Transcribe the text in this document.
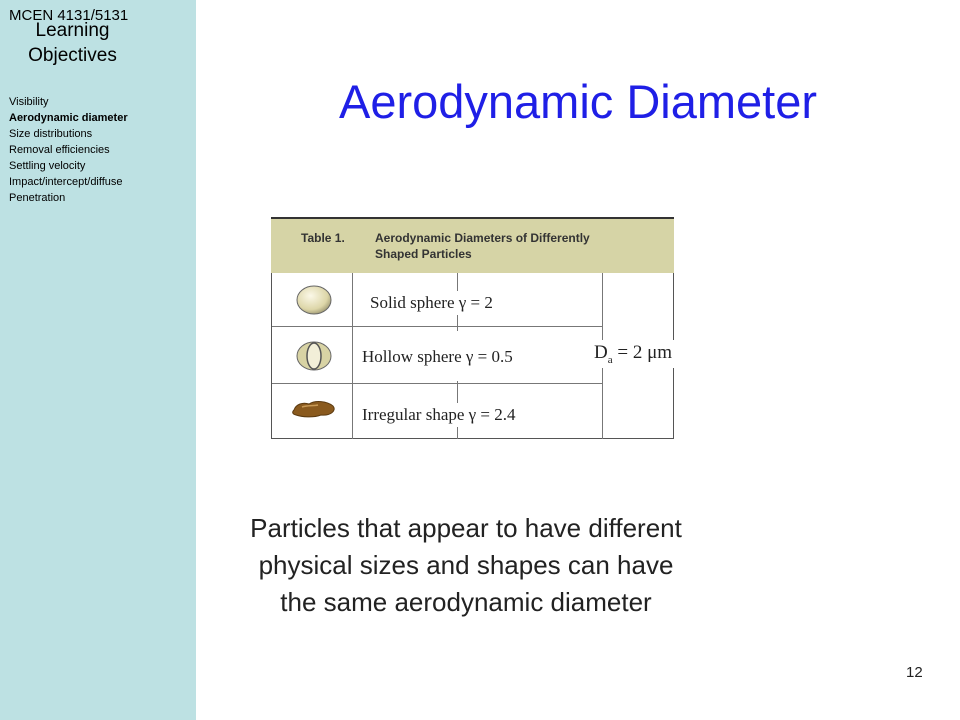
MCEN 4131/5131
Learning
Objectives
Visibility
Aerodynamic diameter
Size distributions
Removal efficiencies
Settling velocity
Impact/intercept/diffuse
Penetration
Aerodynamic Diameter
Table 1.	Aerodynamic Diameters of Differently
Shaped Particles
Solid sphere γ = 2
Hollow sphere γ = 0.5
Irregular shape γ = 2.4
$D_a = 2$ μm
Particles that appear to have different
physical sizes and shapes can have
the same aerodynamic diameter
12
